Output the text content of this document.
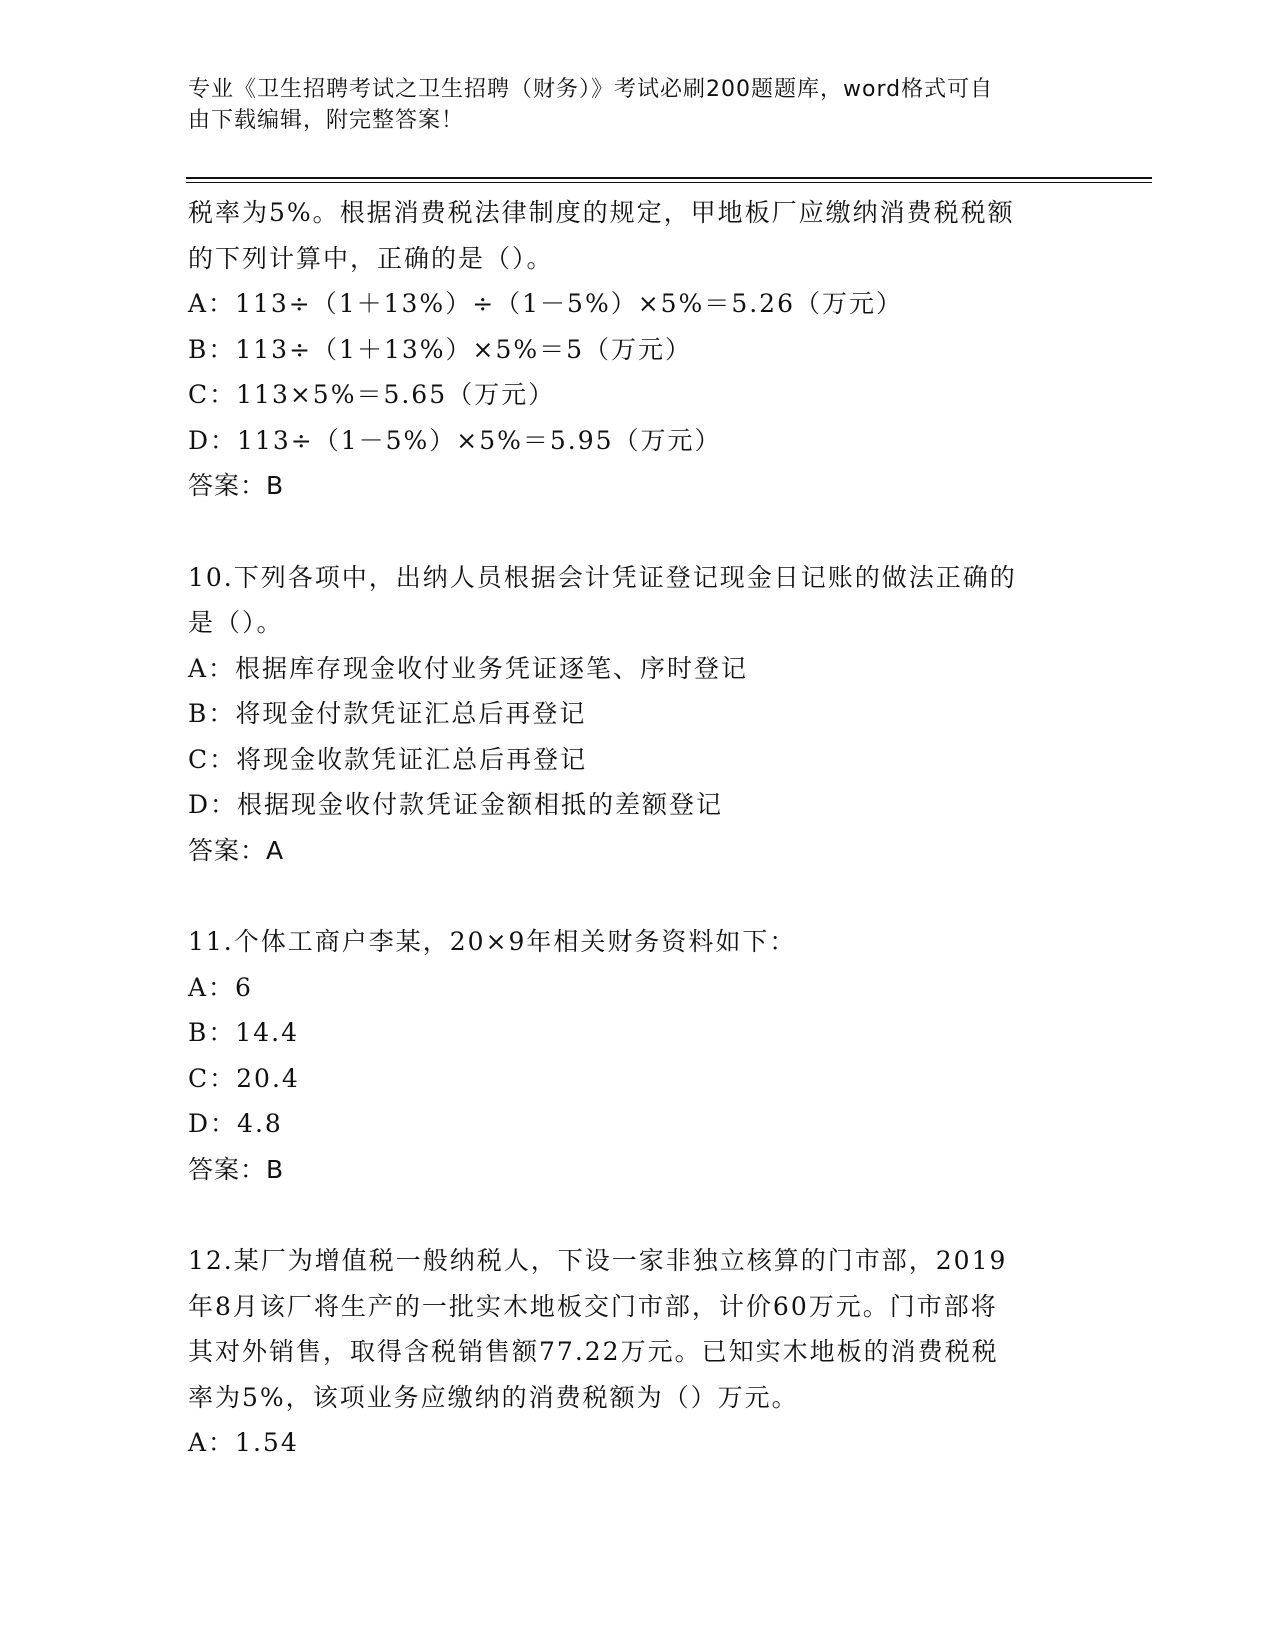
专业《卫生招聘考试之卫生招聘（财务）》考试必刷200题题库，word格式可自
由下载编辑，附完整答案！
税率为5%。根据消费税法律制度的规定，甲地板厂应缴纳消费税税额
的下列计算中，正确的是（）。
A：113÷（1＋13%）÷（1－5%）×5%＝5.26（万元）
B：113÷（1＋13%）×5%＝5（万元）
C：113×5%＝5.65（万元）
D：113÷（1－5%）×5%＝5.95（万元）
答案：B
10.下列各项中，出纳人员根据会计凭证登记现金日记账的做法正确的
是（）。
A：根据库存现金收付业务凭证逐笔、序时登记
B：将现金付款凭证汇总后再登记
C：将现金收款凭证汇总后再登记
D：根据现金收付款凭证金额相抵的差额登记
答案：A
11.个体工商户李某，20×9年相关财务资料如下：
A：6
B：14.4
C：20.4
D：4.8
答案：B
12.某厂为增值税一般纳税人，下设一家非独立核算的门市部，2019
年8月该厂将生产的一批实木地板交门市部，计价60万元。门市部将
其对外销售，取得含税销售额77.22万元。已知实木地板的消费税税
率为5%，该项业务应缴纳的消费税额为（）万元。
A：1.54
